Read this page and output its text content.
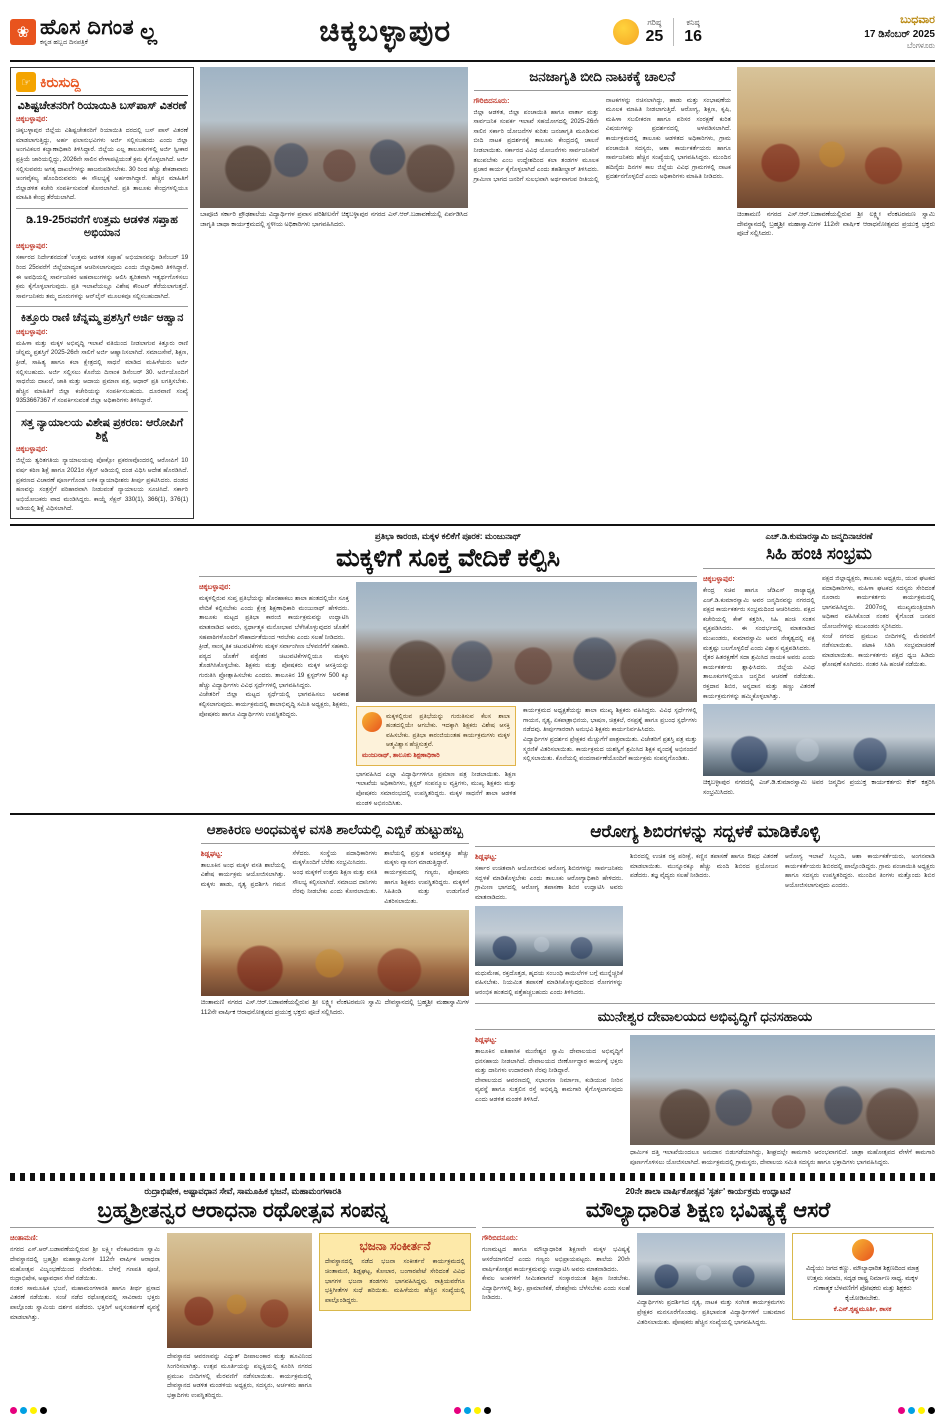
❀ ಹೊಸ ದಿಗಂತ
ಕನ್ನಡ ಹಬ್ಬದ ದಿನಪತ್ರಿಕೆ	ಲ್ಲ	ಚಿಕ್ಕಬಳ್ಳಾಪುರ	ಗರಿಷ್ಠ
25
ಕನಿಷ್ಠ
16
ಬುಧವಾರ
17 ಡಿಸೆಂಬರ್ 2025
ಬೆಂಗಳೂರು
☞ ಕಿರುಸುದ್ದಿ
ವಿಶಿಷ್ಟಚೇತನರಿಗೆ ರಿಯಾಯಿತಿ ಬಸ್‌ಪಾಸ್ ವಿತರಣೆ
ಚಿಕ್ಕಬಳ್ಳಾಪುರ:
ಚಿಕ್ಕಬಳ್ಳಾಪುರ ಜಿಲ್ಲೆಯ ವಿಶಿಷ್ಟಚೇತನರಿಗೆ ರಿಯಾಯಿತಿ ದರದಲ್ಲಿ ಬಸ್ ಪಾಸ್ ವಿತರಣೆ ಮಾಡಲಾಗುತ್ತಿದ್ದು, ಅರ್ಹ ಫಲಾನುಭವಿಗಳು ಅರ್ಜಿ ಸಲ್ಲಿಸಬಹುದು ಎಂದು ಜಿಲ್ಲಾ ಅಂಗವಿಕಲರ ಕಲ್ಯಾಣಾಧಿಕಾರಿ ತಿಳಿಸಿದ್ದಾರೆ. ಜಿಲ್ಲೆಯ ಎಲ್ಲ ತಾಲೂಕುಗಳಲ್ಲಿ ಅರ್ಜಿ ಸ್ವೀಕಾರ ಪ್ರಕ್ರಿಯೆ ಜಾರಿಯಲ್ಲಿದ್ದು, 2026ನೇ ಸಾಲಿನ ವೇಳಾಪಟ್ಟಿಯಂತೆ ಕ್ರಮ ಕೈಗೊಳ್ಳಲಾಗಿದೆ. ಅರ್ಜಿ ಸಲ್ಲಿಸುವವರು ಅಗತ್ಯ ದಾಖಲೆಗಳನ್ನು ಹಾಜರುಪಡಿಸಬೇಕು. 30 ರಿಂದ ಹೆಚ್ಚು ಶೇಕಡಾವಾರು ಅಂಗವೈಕಲ್ಯ ಹೊಂದಿರುವವರು ಈ ಸೌಲಭ್ಯಕ್ಕೆ ಅರ್ಹರಾಗಿದ್ದಾರೆ. ಹೆಚ್ಚಿನ ಮಾಹಿತಿಗೆ ಜಿಲ್ಲಾಡಳಿತ ಕಚೇರಿ ಸಂಪರ್ಕಿಸುವಂತೆ ಕೋರಲಾಗಿದೆ. ಪ್ರತಿ ತಾಲೂಕು ಕೇಂದ್ರಗಳಲ್ಲಿಯೂ ಮಾಹಿತಿ ಕೇಂದ್ರ ತೆರೆಯಲಾಗಿದೆ.
ಡಿ.19-25ರವರೆಗೆ ಉತ್ತಮ ಆಡಳಿತ ಸಪ್ತಾಹ ಅಭಿಯಾನ
ಚಿಕ್ಕಬಳ್ಳಾಪುರ:
ಸರ್ಕಾರದ ನಿರ್ದೇಶನದಂತೆ 'ಉತ್ತಮ ಆಡಳಿತ ಸಪ್ತಾಹ' ಅಭಿಯಾನವನ್ನು ಡಿಸೆಂಬರ್ 19 ರಿಂದ 25ರವರೆಗೆ ಜಿಲ್ಲೆಯಾದ್ಯಂತ ಆಚರಿಸಲಾಗುವುದು ಎಂದು ಜಿಲ್ಲಾಧಿಕಾರಿ ತಿಳಿಸಿದ್ದಾರೆ. ಈ ಅವಧಿಯಲ್ಲಿ ಸಾರ್ವಜನಿಕರ ಅಹವಾಲುಗಳನ್ನು ಆಲಿಸಿ ತ್ವರಿತವಾಗಿ ಇತ್ಯರ್ಥಗೊಳಿಸಲು ಕ್ರಮ ಕೈಗೊಳ್ಳಲಾಗುವುದು. ಪ್ರತಿ ಇಲಾಖೆಯಲ್ಲೂ ವಿಶೇಷ ಕೌಂಟರ್ ತೆರೆಯಲಾಗುತ್ತದೆ. ಸಾರ್ವಜನಿಕರು ತಮ್ಮ ದೂರುಗಳನ್ನು ಆನ್‌ಲೈನ್ ಮೂಲಕವೂ ಸಲ್ಲಿಸಬಹುದಾಗಿದೆ.
ಕಿತ್ತೂರು ರಾಣಿ ಚೆನ್ನಮ್ಮ ಪ್ರಶಸ್ತಿಗೆ ಅರ್ಜಿ ಆಹ್ವಾನ
ಚಿಕ್ಕಬಳ್ಳಾಪುರ:
ಮಹಿಳಾ ಮತ್ತು ಮಕ್ಕಳ ಅಭಿವೃದ್ಧಿ ಇಲಾಖೆ ವತಿಯಿಂದ ನೀಡಲಾಗುವ ಕಿತ್ತೂರು ರಾಣಿ ಚೆನ್ನಮ್ಮ ಪ್ರಶಸ್ತಿಗೆ 2025-26ನೇ ಸಾಲಿಗೆ ಅರ್ಜಿ ಆಹ್ವಾನಿಸಲಾಗಿದೆ. ಸಮಾಜಸೇವೆ, ಶಿಕ್ಷಣ, ಕ್ರೀಡೆ, ಸಾಹಿತ್ಯ ಹಾಗೂ ಕಲಾ ಕ್ಷೇತ್ರದಲ್ಲಿ ಸಾಧನೆ ಮಾಡಿದ ಮಹಿಳೆಯರು ಅರ್ಜಿ ಸಲ್ಲಿಸಬಹುದು. ಅರ್ಜಿ ಸಲ್ಲಿಸಲು ಕೊನೆಯ ದಿನಾಂಕ ಡಿಸೆಂಬರ್ 30. ಅರ್ಜಿಯೊಂದಿಗೆ ಸಾಧನೆಯ ದಾಖಲೆ, ಜಾತಿ ಮತ್ತು ಆದಾಯ ಪ್ರಮಾಣ ಪತ್ರ, ಆಧಾರ್ ಪ್ರತಿ ಲಗತ್ತಿಸಬೇಕು. ಹೆಚ್ಚಿನ ಮಾಹಿತಿಗೆ ಜಿಲ್ಲಾ ಕಚೇರಿಯನ್ನು ಸಂಪರ್ಕಿಸಬಹುದು. ದೂರವಾಣಿ ಸಂಖ್ಯೆ 9353667367 ಗೆ ಸಂಪರ್ಕಿಸುವಂತೆ ಜಿಲ್ಲಾ ಅಧಿಕಾರಿಗಳು ತಿಳಿಸಿದ್ದಾರೆ.
ಸತ್ತ ನ್ಯಾಯಾಲಯ ವಿಶೇಷ ಪ್ರಕರಣ: ಆರೋಪಿಗೆ ಶಿಕ್ಷೆ
ಚಿಕ್ಕಬಳ್ಳಾಪುರ:
ಜಿಲ್ಲೆಯ ತ್ವರಿತಗತಿಯ ನ್ಯಾಯಾಲಯವು ಪೋಕ್ಸೋ ಪ್ರಕರಣವೊಂದರಲ್ಲಿ ಆರೋಪಿಗೆ 10 ವರ್ಷ ಕಠಿಣ ಶಿಕ್ಷೆ ಹಾಗೂ 2021ರ ಸೆಕ್ಷನ್ ಅಡಿಯಲ್ಲಿ ದಂಡ ವಿಧಿಸಿ ಆದೇಶ ಹೊರಡಿಸಿದೆ. ಪ್ರಕರಣದ ವಿಚಾರಣೆ ಪೂರ್ಣಗೊಂಡ ಬಳಿಕ ನ್ಯಾಯಾಧೀಶರು ತೀರ್ಪು ಪ್ರಕಟಿಸಿದರು. ದಂಡದ ಹಣವನ್ನು ಸಂತ್ರಸ್ತೆಗೆ ಪರಿಹಾರವಾಗಿ ನೀಡುವಂತೆ ನ್ಯಾಯಾಲಯ ಸೂಚಿಸಿದೆ. ಸರ್ಕಾರಿ ಅಭಿಯೋಜಕರು ವಾದ ಮಂಡಿಸಿದ್ದರು. ಕಾಯ್ದೆ ಸೆಕ್ಷನ್ 330(1), 366(1), 376(1) ಅಡಿಯಲ್ಲಿ ಶಿಕ್ಷೆ ವಿಧಿಸಲಾಗಿದೆ.
ಬಾಪೂಜಿ ಸರ್ಕಾರಿ ಪ್ರೌಢಶಾಲೆಯ ವಿದ್ಯಾರ್ಥಿಗಳ ಪ್ರವಾಸ ಪರಿಶೀಲನೆಗೆ ಚಿಕ್ಕಬಳ್ಳಾಪುರ ನಗರದ ಎಸ್.ಆರ್.ಬಡಾವಣೆಯಲ್ಲಿ ಏರ್ಪಡಿಸಿದ ಜಾಗೃತಿ ಜಾಥಾ ಕಾರ್ಯಕ್ರಮದಲ್ಲಿ ಸ್ಥಳೀಯ ಅಧಿಕಾರಿಗಳು ಭಾಗವಹಿಸಿದರು.
ಜನಜಾಗೃತಿ ಬೀದಿ ನಾಟಕಕ್ಕೆ ಚಾಲನೆ
ಗೌರಿಬಿದನೂರು:
ಜಿಲ್ಲಾ ಆಡಳಿತ, ಜಿಲ್ಲಾ ಪಂಚಾಯಿತಿ ಹಾಗೂ ವಾರ್ತಾ ಮತ್ತು ಸಾರ್ವಜನಿಕ ಸಂಪರ್ಕ ಇಲಾಖೆ ಸಹಯೋಗದಲ್ಲಿ 2025-26ನೇ ಸಾಲಿನ ಸರ್ಕಾರಿ ಯೋಜನೆಗಳ ಕುರಿತು ಜನಜಾಗೃತಿ ಮೂಡಿಸುವ ಬೀದಿ ನಾಟಕ ಪ್ರದರ್ಶನಕ್ಕೆ ತಾಲೂಕು ಕೇಂದ್ರದಲ್ಲಿ ಚಾಲನೆ ನೀಡಲಾಯಿತು. ಸರ್ಕಾರದ ವಿವಿಧ ಯೋಜನೆಗಳು ಸಾರ್ವಜನಿಕರಿಗೆ ತಲುಪಬೇಕು ಎಂಬ ಉದ್ದೇಶದಿಂದ ಕಲಾ ತಂಡಗಳ ಮೂಲಕ ಪ್ರಚಾರ ಕಾರ್ಯ ಕೈಗೊಳ್ಳಲಾಗಿದೆ ಎಂದು ತಹಶೀಲ್ದಾರ್ ತಿಳಿಸಿದರು. ಗ್ರಾಮೀಣ ಭಾಗದ ಜನರಿಗೆ ಸುಲಭವಾಗಿ ಅರ್ಥವಾಗುವ ರೀತಿಯಲ್ಲಿ ನಾಟಕಗಳನ್ನು ರಚಿಸಲಾಗಿದ್ದು, ಹಾಡು ಮತ್ತು ಸಂಭಾಷಣೆಯ ಮೂಲಕ ಮಾಹಿತಿ ನೀಡಲಾಗುತ್ತಿದೆ. ಆರೋಗ್ಯ, ಶಿಕ್ಷಣ, ಕೃಷಿ, ಮಹಿಳಾ ಸಬಲೀಕರಣ ಹಾಗೂ ಪರಿಸರ ಸಂರಕ್ಷಣೆ ಕುರಿತ ವಿಷಯಗಳನ್ನು ಪ್ರದರ್ಶನದಲ್ಲಿ ಅಳವಡಿಸಲಾಗಿದೆ. ಕಾರ್ಯಕ್ರಮದಲ್ಲಿ ತಾಲೂಕು ಆಡಳಿತದ ಅಧಿಕಾರಿಗಳು, ಗ್ರಾಮ ಪಂಚಾಯಿತಿ ಸದಸ್ಯರು, ಆಶಾ ಕಾರ್ಯಕರ್ತೆಯರು ಹಾಗೂ ಸಾರ್ವಜನಿಕರು ಹೆಚ್ಚಿನ ಸಂಖ್ಯೆಯಲ್ಲಿ ಭಾಗವಹಿಸಿದ್ದರು. ಮುಂದಿನ ಹದಿನೈದು ದಿನಗಳ ಕಾಲ ಜಿಲ್ಲೆಯ ವಿವಿಧ ಗ್ರಾಮಗಳಲ್ಲಿ ನಾಟಕ ಪ್ರದರ್ಶನಗೊಳ್ಳಲಿದೆ ಎಂದು ಅಧಿಕಾರಿಗಳು ಮಾಹಿತಿ ನೀಡಿದರು.
ಚಿಂತಾಮಣಿ ನಗರದ ಎಸ್.ಆರ್.ಬಡಾವಣೆಯಲ್ಲಿರುವ ಶ್ರೀ ಲಕ್ಷ್ಮೀ ವೆಂಕಟರಮಣ ಸ್ವಾಮಿ ದೇವಸ್ಥಾನದಲ್ಲಿ ಬ್ರಹ್ಮಶ್ರೀ ಮಹಾಸ್ವಾಮಿಗಳ 112ನೇ ವಾರ್ಷಿಕ ಆರಾಧನೋತ್ಸವದ ಪ್ರಯುಕ್ತ ಭಕ್ತರು ಪೂಜೆ ಸಲ್ಲಿಸಿದರು.
ಪ್ರತಿಭಾ ಕಾರಂಜಿ, ಮಕ್ಕಳ ಕಲಿಕೆಗೆ ಪೂರಕ: ಮಂಜುನಾಥ್
ಮಕ್ಕಳಿಗೆ ಸೂಕ್ತ ವೇದಿಕೆ ಕಲ್ಪಿಸಿ
ಚಿಕ್ಕಬಳ್ಳಾಪುರ:
ಮಕ್ಕಳಲ್ಲಿರುವ ಸುಪ್ತ ಪ್ರತಿಭೆಯನ್ನು ಹೊರಹಾಕಲು ಶಾಲಾ ಹಂತದಲ್ಲಿಯೇ ಸೂಕ್ತ ವೇದಿಕೆ ಕಲ್ಪಿಸಬೇಕು ಎಂದು ಕ್ಷೇತ್ರ ಶಿಕ್ಷಣಾಧಿಕಾರಿ ಮಂಜುನಾಥ್ ಹೇಳಿದರು. ತಾಲೂಕು ಮಟ್ಟದ ಪ್ರತಿಭಾ ಕಾರಂಜಿ ಕಾರ್ಯಕ್ರಮವನ್ನು ಉದ್ಘಾಟಿಸಿ ಮಾತನಾಡಿದ ಅವರು, ಸ್ಪರ್ಧಾತ್ಮಕ ಮನೋಭಾವ ಬೆಳೆಸಿಕೊಳ್ಳುವುದರ ಜೊತೆಗೆ ಸಹಪಾಠಿಗಳೊಂದಿಗೆ ಸೌಹಾರ್ದತೆಯಿಂದ ಇರಬೇಕು ಎಂದು ಸಲಹೆ ನೀಡಿದರು.
ಕ್ರೀಡೆ, ಸಾಂಸ್ಕೃತಿಕ ಚಟುವಟಿಕೆಗಳು ಮಕ್ಕಳ ಸರ್ವಾಂಗೀಣ ಬೆಳವಣಿಗೆಗೆ ಸಹಕಾರಿ. ಪಠ್ಯದ ಜೊತೆಗೆ ಪಠ್ಯೇತರ ಚಟುವಟಿಕೆಗಳಲ್ಲಿಯೂ ಮಕ್ಕಳು ತೊಡಗಿಸಿಕೊಳ್ಳಬೇಕು. ಶಿಕ್ಷಕರು ಮತ್ತು ಪೋಷಕರು ಮಕ್ಕಳ ಆಸಕ್ತಿಯನ್ನು ಗುರುತಿಸಿ ಪ್ರೋತ್ಸಾಹಿಸಬೇಕು ಎಂದರು. ತಾಲೂಕಿನ 19 ಕ್ಲಸ್ಟರ್‌ಗಳ 500 ಕ್ಕೂ ಹೆಚ್ಚು ವಿದ್ಯಾರ್ಥಿಗಳು ವಿವಿಧ ಸ್ಪರ್ಧೆಗಳಲ್ಲಿ ಭಾಗವಹಿಸಿದ್ದರು.
ವಿಜೇತರಿಗೆ ಜಿಲ್ಲಾ ಮಟ್ಟದ ಸ್ಪರ್ಧೆಯಲ್ಲಿ ಭಾಗವಹಿಸಲು ಅವಕಾಶ ಕಲ್ಪಿಸಲಾಗುವುದು. ಕಾರ್ಯಕ್ರಮದಲ್ಲಿ ಶಾಲಾಭಿವೃದ್ಧಿ ಸಮಿತಿ ಅಧ್ಯಕ್ಷರು, ಶಿಕ್ಷಕರು, ಪೋಷಕರು ಹಾಗೂ ವಿದ್ಯಾರ್ಥಿಗಳು ಉಪಸ್ಥಿತರಿದ್ದರು.	ಮಕ್ಕಳಲ್ಲಿರುವ ಪ್ರತಿಭೆಯನ್ನು ಗುರುತಿಸುವ ಕೆಲಸ ಶಾಲಾ ಹಂತದಲ್ಲಿಯೇ ಆಗಬೇಕು. ಇದಕ್ಕಾಗಿ ಶಿಕ್ಷಕರು ವಿಶೇಷ ಆಸಕ್ತಿ ವಹಿಸಬೇಕು. ಪ್ರತಿಭಾ ಕಾರಂಜಿಯಂತಹ ಕಾರ್ಯಕ್ರಮಗಳು ಮಕ್ಕಳ ಆತ್ಮವಿಶ್ವಾಸ ಹೆಚ್ಚಿಸುತ್ತವೆ.
ಮಂಜುನಾಥ್, ತಾಲೂಕು ಶಿಕ್ಷಣಾಧಿಕಾರಿ
ಭಾಗವಹಿಸಿದ ಎಲ್ಲಾ ವಿದ್ಯಾರ್ಥಿಗಳಿಗೂ ಪ್ರಮಾಣ ಪತ್ರ ನೀಡಲಾಯಿತು. ಶಿಕ್ಷಣ ಇಲಾಖೆಯ ಅಧಿಕಾರಿಗಳು, ಕ್ಲಸ್ಟರ್ ಸಂಪನ್ಮೂಲ ವ್ಯಕ್ತಿಗಳು, ಮುಖ್ಯ ಶಿಕ್ಷಕರು ಮತ್ತು ಪೋಷಕರು ಸಮಾರಂಭದಲ್ಲಿ ಉಪಸ್ಥಿತರಿದ್ದರು. ಮಕ್ಕಳ ಸಾಧನೆಗೆ ಶಾಲಾ ಆಡಳಿತ ಮಂಡಳಿ ಅಭಿನಂದಿಸಿತು.
ಕಾರ್ಯಕ್ರಮದ ಅಧ್ಯಕ್ಷತೆಯನ್ನು ಶಾಲಾ ಮುಖ್ಯ ಶಿಕ್ಷಕರು ವಹಿಸಿದ್ದರು. ವಿವಿಧ ಸ್ಪರ್ಧೆಗಳಲ್ಲಿ ಗಾಯನ, ನೃತ್ಯ, ಏಕಪಾತ್ರಾಭಿನಯ, ಭಾಷಣ, ಚಿತ್ರಕಲೆ, ರಸಪ್ರಶ್ನೆ ಹಾಗೂ ಪ್ರಬಂಧ ಸ್ಪರ್ಧೆಗಳು ನಡೆದವು. ತೀರ್ಪುಗಾರರಾಗಿ ಅನುಭವಿ ಶಿಕ್ಷಕರು ಕಾರ್ಯನಿರ್ವಹಿಸಿದರು.
ವಿದ್ಯಾರ್ಥಿಗಳ ಪ್ರದರ್ಶನ ಪ್ರೇಕ್ಷಕರ ಮೆಚ್ಚುಗೆಗೆ ಪಾತ್ರವಾಯಿತು. ವಿಜೇತರಿಗೆ ಪ್ರಶಸ್ತಿ ಪತ್ರ ಮತ್ತು ಸ್ಮರಣಿಕೆ ವಿತರಿಸಲಾಯಿತು. ಕಾರ್ಯಕ್ರಮದ ಯಶಸ್ವಿಗೆ ಶ್ರಮಿಸಿದ ಶಿಕ್ಷಕ ವೃಂದಕ್ಕೆ ಅಭಿನಂದನೆ ಸಲ್ಲಿಸಲಾಯಿತು. ಕೊನೆಯಲ್ಲಿ ವಂದನಾರ್ಪಣೆಯೊಂದಿಗೆ ಕಾರ್ಯಕ್ರಮ ಸಂಪನ್ನಗೊಂಡಿತು.
ಎಚ್.ಡಿ.ಕುಮಾರಸ್ವಾಮಿ ಜನ್ಮದಿನಾಚರಣೆ
ಸಿಹಿ ಹಂಚಿ ಸಂಭ್ರಮ
ಚಿಕ್ಕಬಳ್ಳಾಪುರ:
ಕೇಂದ್ರ ಸಚಿವ ಹಾಗೂ ಜೆಡಿಎಸ್ ರಾಜ್ಯಾಧ್ಯಕ್ಷ ಎಚ್.ಡಿ.ಕುಮಾರಸ್ವಾಮಿ ಅವರ ಜನ್ಮದಿನವನ್ನು ನಗರದಲ್ಲಿ ಪಕ್ಷದ ಕಾರ್ಯಕರ್ತರು ಸಂಭ್ರಮದಿಂದ ಆಚರಿಸಿದರು. ಪಕ್ಷದ ಕಚೇರಿಯಲ್ಲಿ ಕೇಕ್ ಕತ್ತರಿಸಿ, ಸಿಹಿ ಹಂಚಿ ಸಂತಸ ವ್ಯಕ್ತಪಡಿಸಿದರು. ಈ ಸಂದರ್ಭದಲ್ಲಿ ಮಾತನಾಡಿದ ಮುಖಂಡರು, ಕುಮಾರಸ್ವಾಮಿ ಅವರ ನೇತೃತ್ವದಲ್ಲಿ ಪಕ್ಷ ಮತ್ತಷ್ಟು ಬಲಗೊಳ್ಳಲಿದೆ ಎಂದು ವಿಶ್ವಾಸ ವ್ಯಕ್ತಪಡಿಸಿದರು.
ರೈತರ ಹಿತರಕ್ಷಣೆಗೆ ಸದಾ ಶ್ರಮಿಸಿದ ನಾಯಕ ಅವರು ಎಂದು ಕಾರ್ಯಕರ್ತರು ಶ್ಲಾಘಿಸಿದರು. ಜಿಲ್ಲೆಯ ವಿವಿಧ ತಾಲೂಕುಗಳಲ್ಲಿಯೂ ಜನ್ಮದಿನ ಆಚರಣೆ ನಡೆಯಿತು. ರಕ್ತದಾನ ಶಿಬಿರ, ಅನ್ನದಾನ ಮತ್ತು ಹಣ್ಣು ವಿತರಣೆ ಕಾರ್ಯಕ್ರಮಗಳನ್ನು ಹಮ್ಮಿಕೊಳ್ಳಲಾಗಿತ್ತು.
ಪಕ್ಷದ ಜಿಲ್ಲಾಧ್ಯಕ್ಷರು, ತಾಲೂಕು ಅಧ್ಯಕ್ಷರು, ಯುವ ಘಟಕದ ಪದಾಧಿಕಾರಿಗಳು, ಮಹಿಳಾ ಘಟಕದ ಸದಸ್ಯರು ಸೇರಿದಂತೆ ನೂರಾರು ಕಾರ್ಯಕರ್ತರು ಕಾರ್ಯಕ್ರಮದಲ್ಲಿ ಭಾಗವಹಿಸಿದ್ದರು. 2007ರಲ್ಲಿ ಮುಖ್ಯಮಂತ್ರಿಯಾಗಿ ಅಧಿಕಾರ ವಹಿಸಿಕೊಂಡ ನಂತರ ಕೈಗೊಂಡ ಜನಪರ ಯೋಜನೆಗಳನ್ನು ಮುಖಂಡರು ಸ್ಮರಿಸಿದರು.
ಸಂಜೆ ನಗರದ ಪ್ರಮುಖ ಬೀದಿಗಳಲ್ಲಿ ಮೆರವಣಿಗೆ ನಡೆಸಲಾಯಿತು. ಪಟಾಕಿ ಸಿಡಿಸಿ ಸಂಭ್ರಮಾಚರಣೆ ಮಾಡಲಾಯಿತು. ಕಾರ್ಯಕರ್ತರು ಪಕ್ಷದ ಧ್ವಜ ಹಿಡಿದು ಘೋಷಣೆ ಕೂಗಿದರು. ನಂತರ ಸಿಹಿ ಹಂಚಿಕೆ ನಡೆಯಿತು.
ಚಿಕ್ಕಬಳ್ಳಾಪುರ ನಗರದಲ್ಲಿ ಎಚ್.ಡಿ.ಕುಮಾರಸ್ವಾಮಿ ಅವರ ಜನ್ಮದಿನ ಪ್ರಯುಕ್ತ ಕಾರ್ಯಕರ್ತರು ಕೇಕ್ ಕತ್ತರಿಸಿ ಸಂಭ್ರಮಿಸಿದರು.
ಆಶಾಕಿರಣ ಅಂಧಮಕ್ಕಳ ವಸತಿ ಶಾಲೆಯಲ್ಲಿ ಎಬ್ಬಿಕೆ ಹುಟ್ಟುಹಬ್ಬ
ಶಿಡ್ಲಘಟ್ಟ:
ತಾಲೂಕಿನ ಅಂಧ ಮಕ್ಕಳ ವಸತಿ ಶಾಲೆಯಲ್ಲಿ ವಿಶೇಷ ಕಾರ್ಯಕ್ರಮ ಆಯೋಜಿಸಲಾಗಿತ್ತು. ಮಕ್ಕಳು ಹಾಡು, ನೃತ್ಯ ಪ್ರದರ್ಶಿಸಿ ಗಮನ ಸೆಳೆದರು. ಸಂಸ್ಥೆಯ ಪದಾಧಿಕಾರಿಗಳು ಮಕ್ಕಳೊಂದಿಗೆ ಬೆರೆತು ಸಂಭ್ರಮಿಸಿದರು.
ಅಂಧ ಮಕ್ಕಳಿಗೆ ಉತ್ತಮ ಶಿಕ್ಷಣ ಮತ್ತು ವಸತಿ ಸೌಲಭ್ಯ ಕಲ್ಪಿಸಲಾಗಿದೆ. ಸಮಾಜದ ದಾನಿಗಳು ನೆರವು ನೀಡಬೇಕು ಎಂದು ಕೋರಲಾಯಿತು. ಶಾಲೆಯಲ್ಲಿ ಪ್ರಸ್ತುತ ಅರವತ್ತಕ್ಕೂ ಹೆಚ್ಚು ಮಕ್ಕಳು ವ್ಯಾಸಂಗ ಮಾಡುತ್ತಿದ್ದಾರೆ.
ಕಾರ್ಯಕ್ರಮದಲ್ಲಿ ಗಣ್ಯರು, ಪೋಷಕರು ಹಾಗೂ ಶಿಕ್ಷಕರು ಉಪಸ್ಥಿತರಿದ್ದರು. ಮಕ್ಕಳಿಗೆ ಸಿಹಿತಿಂಡಿ ಮತ್ತು ಉಡುಗೊರೆ ವಿತರಿಸಲಾಯಿತು.
ಚಿಂತಾಮಣಿ ನಗರದ ಎಸ್.ಆರ್.ಬಡಾವಣೆಯಲ್ಲಿರುವ ಶ್ರೀ ಲಕ್ಷ್ಮೀ ವೆಂಕಟರಮಣ ಸ್ವಾಮಿ ದೇವಸ್ಥಾನದಲ್ಲಿ ಬ್ರಹ್ಮಶ್ರೀ ಮಹಾಸ್ವಾಮಿಗಳ 112ನೇ ವಾರ್ಷಿಕ ಆರಾಧನೋತ್ಸವದ ಪ್ರಯುಕ್ತ ಭಕ್ತರು ಪೂಜೆ ಸಲ್ಲಿಸಿದರು.
ಆರೋಗ್ಯ ಶಿಬಿರಗಳನ್ನು ಸದ್ಬಳಕೆ ಮಾಡಿಕೊಳ್ಳಿ
ಶಿಡ್ಲಘಟ್ಟ:
ಸರ್ಕಾರ ಉಚಿತವಾಗಿ ಆಯೋಜಿಸುವ ಆರೋಗ್ಯ ಶಿಬಿರಗಳನ್ನು ಸಾರ್ವಜನಿಕರು ಸದ್ಬಳಕೆ ಮಾಡಿಕೊಳ್ಳಬೇಕು ಎಂದು ತಾಲೂಕು ಆರೋಗ್ಯಾಧಿಕಾರಿ ಹೇಳಿದರು. ಗ್ರಾಮೀಣ ಭಾಗದಲ್ಲಿ ಆರೋಗ್ಯ ತಪಾಸಣಾ ಶಿಬಿರ ಉದ್ಘಾಟಿಸಿ ಅವರು ಮಾತನಾಡಿದರು.
ಮಧುಮೇಹ, ರಕ್ತದೊತ್ತಡ, ಹೃದಯ ಸಂಬಂಧಿ ಕಾಯಿಲೆಗಳ ಬಗ್ಗೆ ಮುನ್ನೆಚ್ಚರಿಕೆ ವಹಿಸಬೇಕು. ನಿಯಮಿತ ತಪಾಸಣೆ ಮಾಡಿಸಿಕೊಳ್ಳುವುದರಿಂದ ರೋಗಗಳನ್ನು ಆರಂಭಿಕ ಹಂತದಲ್ಲಿ ಪತ್ತೆಹಚ್ಚಬಹುದು ಎಂದು ತಿಳಿಸಿದರು.
ಶಿಬಿರದಲ್ಲಿ ಉಚಿತ ರಕ್ತ ಪರೀಕ್ಷೆ, ಕಣ್ಣಿನ ತಪಾಸಣೆ ಹಾಗೂ ಔಷಧ ವಿತರಣೆ ಮಾಡಲಾಯಿತು. ಮುನ್ನೂರಕ್ಕೂ ಹೆಚ್ಚು ಮಂದಿ ಶಿಬಿರದ ಪ್ರಯೋಜನ ಪಡೆದರು. ತಜ್ಞ ವೈದ್ಯರು ಸಲಹೆ ನೀಡಿದರು.
ಆರೋಗ್ಯ ಇಲಾಖೆ ಸಿಬ್ಬಂದಿ, ಆಶಾ ಕಾರ್ಯಕರ್ತೆಯರು, ಅಂಗನವಾಡಿ ಕಾರ್ಯಕರ್ತೆಯರು ಶಿಬಿರದಲ್ಲಿ ಪಾಲ್ಗೊಂಡಿದ್ದರು. ಗ್ರಾಮ ಪಂಚಾಯಿತಿ ಅಧ್ಯಕ್ಷರು ಹಾಗೂ ಸದಸ್ಯರು ಉಪಸ್ಥಿತರಿದ್ದರು. ಮುಂದಿನ ತಿಂಗಳು ಮತ್ತೊಂದು ಶಿಬಿರ ಆಯೋಜಿಸಲಾಗುವುದು ಎಂದರು.
ಮುನೇಶ್ವರ ದೇವಾಲಯದ ಅಭಿವೃದ್ಧಿಗೆ ಧನಸಹಾಯ
ಶಿಡ್ಲಘಟ್ಟ:
ತಾಲೂಕಿನ ಐತಿಹಾಸಿಕ ಮುನೇಶ್ವರ ಸ್ವಾಮಿ ದೇವಾಲಯದ ಅಭಿವೃದ್ಧಿಗೆ ಧನಸಹಾಯ ನೀಡಲಾಗಿದೆ. ದೇವಾಲಯದ ಜೀರ್ಣೋದ್ಧಾರ ಕಾರ್ಯಕ್ಕೆ ಭಕ್ತರು ಮತ್ತು ದಾನಿಗಳು ಉದಾರವಾಗಿ ನೆರವು ನೀಡಿದ್ದಾರೆ.
ದೇವಾಲಯದ ಆವರಣದಲ್ಲಿ ಸಭಾಂಗಣ ನಿರ್ಮಾಣ, ಕುಡಿಯುವ ನೀರಿನ ವ್ಯವಸ್ಥೆ ಹಾಗೂ ಸುತ್ತಲಿನ ರಸ್ತೆ ಅಭಿವೃದ್ಧಿ ಕಾಮಗಾರಿ ಕೈಗೊಳ್ಳಲಾಗುವುದು ಎಂದು ಆಡಳಿತ ಮಂಡಳಿ ತಿಳಿಸಿದೆ.
ಧಾರ್ಮಿಕ ದತ್ತಿ ಇಲಾಖೆಯಿಂದಲೂ ಅನುದಾನ ಬಿಡುಗಡೆಯಾಗಿದ್ದು, ಶೀಘ್ರದಲ್ಲೇ ಕಾಮಗಾರಿ ಆರಂಭವಾಗಲಿದೆ. ಜಾತ್ರಾ ಮಹೋತ್ಸವದ ವೇಳೆಗೆ ಕಾಮಗಾರಿ ಪೂರ್ಣಗೊಳಿಸಲು ಯೋಜಿಸಲಾಗಿದೆ. ಕಾರ್ಯಕ್ರಮದಲ್ಲಿ ಗ್ರಾಮಸ್ಥರು, ದೇವಾಲಯ ಸಮಿತಿ ಸದಸ್ಯರು ಹಾಗೂ ಭಕ್ತಾದಿಗಳು ಭಾಗವಹಿಸಿದ್ದರು.
ರುದ್ರಾಭಿಷೇಕ, ಅಷ್ಟಾವಧಾನ ಸೇವೆ, ಸಾಮೂಹಿಕ ಭಜನೆ, ಮಹಾಮಂಗಳಾರತಿ
ಬ್ರಹ್ಮಶ್ರೀತನ್ವರ ಆರಾಧನಾ ರಥೋತ್ಸವ ಸಂಪನ್ನ
ಚಿಂತಾಮಣಿ:
ನಗರದ ಎಸ್.ಆರ್.ಬಡಾವಣೆಯಲ್ಲಿರುವ ಶ್ರೀ ಲಕ್ಷ್ಮೀ ವೆಂಕಟರಮಣ ಸ್ವಾಮಿ ದೇವಸ್ಥಾನದಲ್ಲಿ ಬ್ರಹ್ಮಶ್ರೀ ಮಹಾಸ್ವಾಮಿಗಳ 112ನೇ ವಾರ್ಷಿಕ ಆರಾಧನಾ ಮಹೋತ್ಸವ ವಿಜೃಂಭಣೆಯಿಂದ ನೆರವೇರಿತು. ಬೆಳಗ್ಗೆ ಗಣಪತಿ ಪೂಜೆ, ರುದ್ರಾಭಿಷೇಕ, ಅಷ್ಟಾವಧಾನ ಸೇವೆ ನಡೆಯಿತು.
ನಂತರ ಸಾಮೂಹಿಕ ಭಜನೆ, ಮಹಾಮಂಗಳಾರತಿ ಹಾಗೂ ತೀರ್ಥ ಪ್ರಸಾದ ವಿತರಣೆ ನಡೆಯಿತು. ಸಂಜೆ ನಡೆದ ರಥೋತ್ಸವದಲ್ಲಿ ಸಾವಿರಾರು ಭಕ್ತರು ಪಾಲ್ಗೊಂಡು ಸ್ವಾಮಿಯ ದರ್ಶನ ಪಡೆದರು. ಭಕ್ತರಿಗೆ ಅನ್ನಸಂತರ್ಪಣೆ ವ್ಯವಸ್ಥೆ ಮಾಡಲಾಗಿತ್ತು.
ದೇವಸ್ಥಾನದ ಆವರಣವನ್ನು ವಿದ್ಯುತ್ ದೀಪಾಲಂಕಾರ ಮತ್ತು ಹೂವಿನಿಂದ ಸಿಂಗರಿಸಲಾಗಿತ್ತು. ಉತ್ಸವ ಮೂರ್ತಿಯನ್ನು ಪಲ್ಲಕ್ಕಿಯಲ್ಲಿ ಕೂರಿಸಿ ನಗರದ ಪ್ರಮುಖ ಬೀದಿಗಳಲ್ಲಿ ಮೆರವಣಿಗೆ ನಡೆಸಲಾಯಿತು. ಕಾರ್ಯಕ್ರಮದಲ್ಲಿ ದೇವಸ್ಥಾನದ ಆಡಳಿತ ಮಂಡಳಿಯ ಅಧ್ಯಕ್ಷರು, ಸದಸ್ಯರು, ಅರ್ಚಕರು ಹಾಗೂ ಭಕ್ತಾದಿಗಳು ಉಪಸ್ಥಿತರಿದ್ದರು.
ಭಜನಾ ಸಂಕೀರ್ತನೆ
ದೇವಸ್ಥಾನದಲ್ಲಿ ನಡೆದ ಭಜನಾ ಸಂಕೀರ್ತನೆ ಕಾರ್ಯಕ್ರಮದಲ್ಲಿ ಚಿಂತಾಮಣಿ, ಶಿಡ್ಲಘಟ್ಟ, ಕೋಲಾರ, ಬಂಗಾರಪೇಟೆ ಸೇರಿದಂತೆ ವಿವಿಧ ಭಾಗಗಳ ಭಜನಾ ತಂಡಗಳು ಭಾಗವಹಿಸಿದ್ದವು. ರಾತ್ರಿಯವರೆಗೂ ಭಕ್ತಿಗೀತೆಗಳ ಸುಧೆ ಹರಿಯಿತು. ಮಹಿಳೆಯರು ಹೆಚ್ಚಿನ ಸಂಖ್ಯೆಯಲ್ಲಿ ಪಾಲ್ಗೊಂಡಿದ್ದರು.
20ನೇ ಶಾಲಾ ವಾರ್ಷಿಕೋತ್ಸವ 'ಸ್ಫರ್ತ' ಕಾರ್ಯಕ್ರಮ ಉದ್ಘಾಟನೆ
ಮೌಲ್ಯಾಧಾರಿತ ಶಿಕ್ಷಣ ಭವಿಷ್ಯಕ್ಕೆ ಆಸರೆ
ಗೌರಿಬಿದನೂರು:
ಗುಣಮಟ್ಟದ ಹಾಗೂ ಮೌಲ್ಯಾಧಾರಿತ ಶಿಕ್ಷಣವೇ ಮಕ್ಕಳ ಭವಿಷ್ಯಕ್ಕೆ ಆಸರೆಯಾಗಲಿದೆ ಎಂದು ಗಣ್ಯರು ಅಭಿಪ್ರಾಯಪಟ್ಟರು. ಶಾಲೆಯ 20ನೇ ವಾರ್ಷಿಕೋತ್ಸವ ಕಾರ್ಯಕ್ರಮವನ್ನು ಉದ್ಘಾಟಿಸಿ ಅವರು ಮಾತನಾಡಿದರು.
ಕೇವಲ ಅಂಕಗಳಿಗೆ ಸೀಮಿತವಾಗದೆ ಸಂಸ್ಕಾರಯುತ ಶಿಕ್ಷಣ ನೀಡಬೇಕು. ವಿದ್ಯಾರ್ಥಿಗಳಲ್ಲಿ ಶಿಸ್ತು, ಪ್ರಾಮಾಣಿಕತೆ, ದೇಶಪ್ರೇಮ ಬೆಳೆಸಬೇಕು ಎಂದು ಸಲಹೆ ನೀಡಿದರು.
ವಿದ್ಯಾರ್ಥಿಗಳು ಪ್ರದರ್ಶಿಸಿದ ನೃತ್ಯ, ನಾಟಕ ಮತ್ತು ಸಂಗೀತ ಕಾರ್ಯಕ್ರಮಗಳು ಪ್ರೇಕ್ಷಕರ ಮನಸೂರೆಗೊಂಡವು. ಪ್ರತಿಭಾವಂತ ವಿದ್ಯಾರ್ಥಿಗಳಿಗೆ ಬಹುಮಾನ ವಿತರಿಸಲಾಯಿತು. ಪೋಷಕರು ಹೆಚ್ಚಿನ ಸಂಖ್ಯೆಯಲ್ಲಿ ಭಾಗವಹಿಸಿದ್ದರು.
ವಿದ್ಯೆಯು ಜಗದ ಕಣ್ಣು. ಮೌಲ್ಯಾಧಾರಿತ ಶಿಕ್ಷಣದಿಂದ ಮಾತ್ರ ಉತ್ತಮ ಸಮಾಜ, ಸದೃಢ ರಾಷ್ಟ್ರ ನಿರ್ಮಾಣ ಸಾಧ್ಯ. ಮಕ್ಕಳ ಗುಣಾತ್ಮಕ ಬೆಳವಣಿಗೆಗೆ ಪೋಷಕರು ಮತ್ತು ಶಿಕ್ಷಕರು ಕೈಜೋಡಿಸಬೇಕು.
ಕೆ.ಎನ್.ಕೃಷ್ಣಮೂರ್ತಿ, ಶಾಸಕ
